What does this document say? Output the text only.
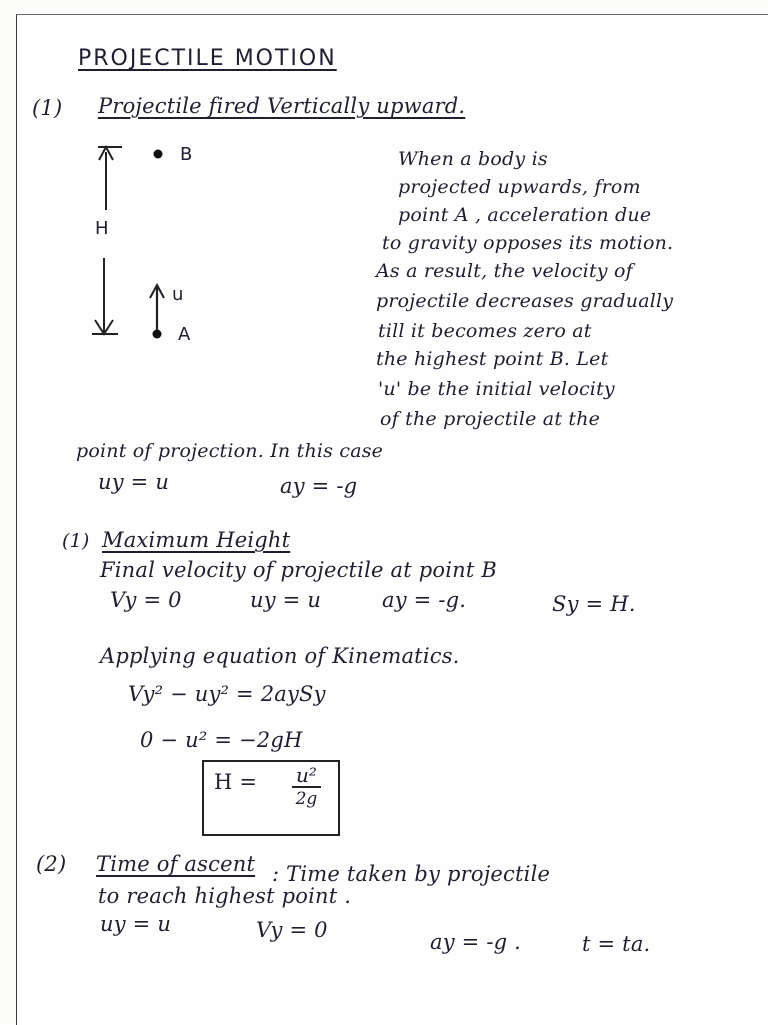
PROJECTILE MOTION
(1) Projectile fired Vertically upward.
B
H
u
A
When a body is
projected upwards, from
point A , acceleration due
to gravity opposes its motion.
As a result, the velocity of
projectile decreases gradually
till it becomes zero at
the highest point B. Let
'u' be the initial velocity
of the projectile at the
point of projection. In this case
uy = u	ay = -g
(1) Maximum Height
Final velocity of projectile at point B
Vy = 0	uy = u	ay = -g.	Sy = H.
Applying equation of Kinematics.
Vy² − uy² = 2aySy
0 − u² = −2gH
$H = \frac{\text{u²}}{2g}$
(2) Time of ascent : Time taken by projectile
to reach highest point .
uy = u	Vy = 0	ay = -g .	t = ta.
